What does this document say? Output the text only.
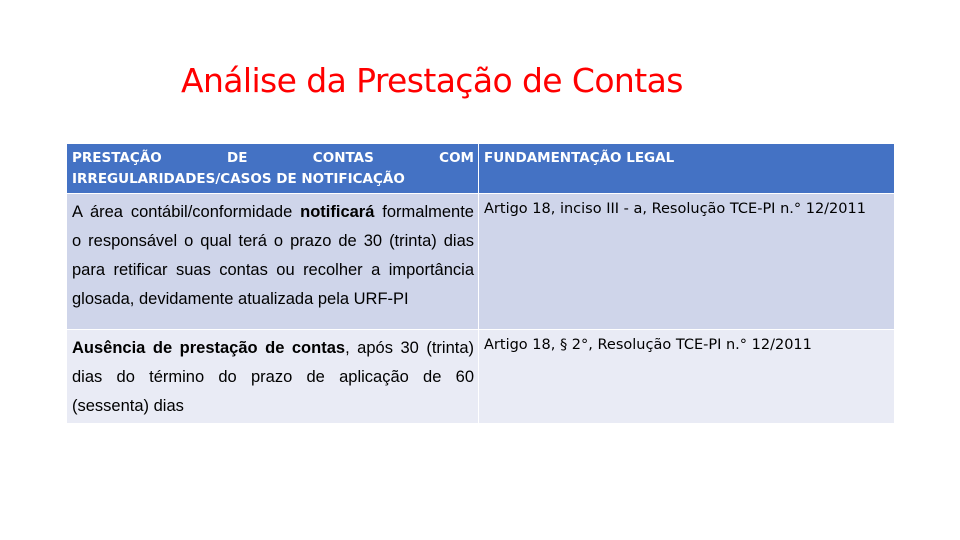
Análise da Prestação de Contas
PRESTAÇÃO DE CONTAS COM
IRREGULARIDADES/CASOS DE NOTIFICAÇÃO	FUNDAMENTAÇÃO LEGAL
A área contábil/conformidade notificará formalmente o responsável o qual terá o prazo de 30 (trinta) dias para retificar suas contas ou recolher a importância glosada, devidamente atualizada pela URF-PI	Artigo 18, inciso III - a, Resolução TCE-PI n.° 12/2011
Ausência de prestação de contas, após 30 (trinta) dias do término do prazo de aplicação de 60 (sessenta) dias	Artigo 18, § 2°, Resolução TCE-PI n.° 12/2011
